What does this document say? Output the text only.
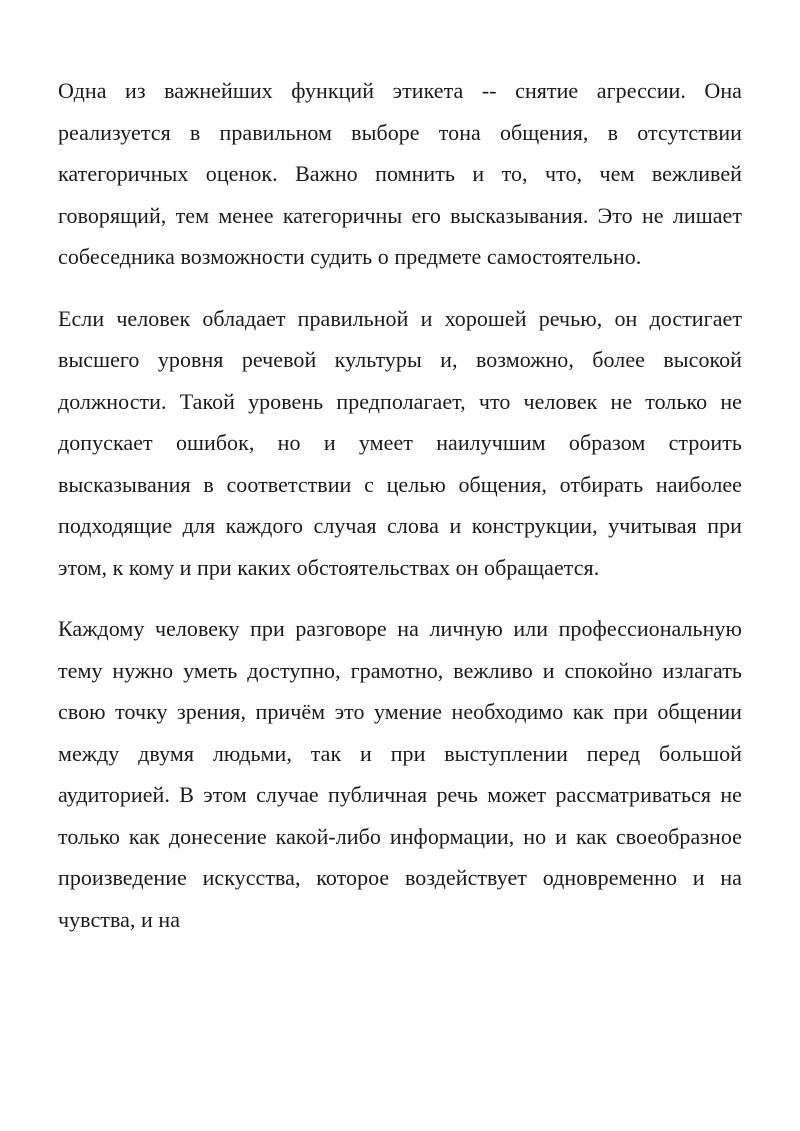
Одна из важнейших функций этикета -- снятие агрессии. Она реализуется в правильном выборе тона общения, в отсутствии категоричных оценок. Важно помнить и то, что, чем вежливей говорящий, тем менее категоричны его высказывания. Это не лишает собеседника возможности судить о предмете самостоятельно.

Если человек обладает правильной и хорошей речью, он достигает высшего уровня речевой культуры и, возможно, более высокой должности. Такой уровень предполагает, что человек не только не допускает ошибок, но и умеет наилучшим образом строить высказывания в соответствии с целью общения, отбирать наиболее подходящие для каждого случая слова и конструкции, учитывая при этом, к кому и при каких обстоятельствах он обращается.

Каждому человеку при разговоре на личную или профессиональную тему нужно уметь доступно, грамотно, вежливо и спокойно излагать свою точку зрения, причём это умение необходимо как при общении между двумя людьми, так и при выступлении перед большой аудиторией. В этом случае публичная речь может рассматриваться не только как донесение какой-либо информации, но и как своеобразное произведение искусства, которое воздействует одновременно и на чувства, и на
